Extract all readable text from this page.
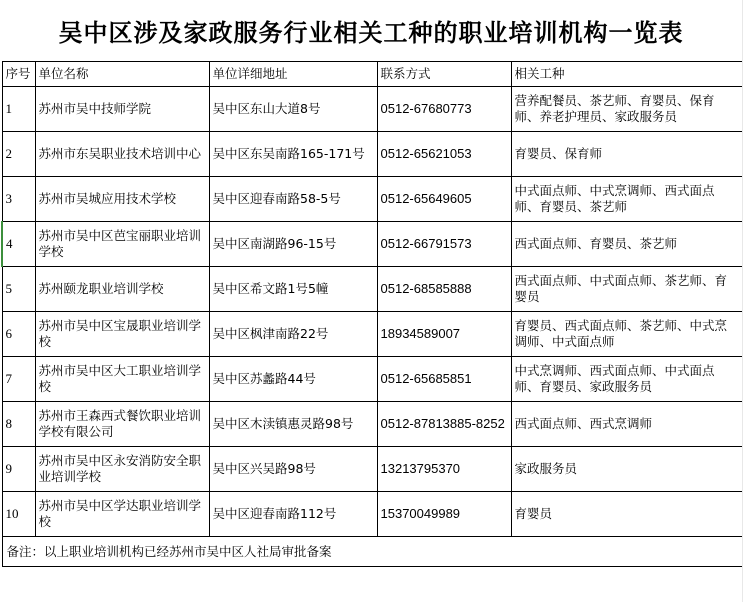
吴中区涉及家政服务行业相关工种的职业培训机构一览表
序号	单位名称	单位详细地址	联系方式	相关工种
1	苏州市吴中技师学院	吴中区东山大道8号	0512-67680773	营养配餐员、茶艺师、育婴员、保育师、养老护理员、家政服务员
2	苏州市东吴职业技术培训中心	吴中区东吴南路165-171号	0512-65621053	育婴员、保育师
3	苏州市吴城应用技术学校	吴中区迎春南路58-5号	0512-65649605	中式面点师、中式烹调师、西式面点师、育婴员、茶艺师
4	苏州市吴中区芭宝丽职业培训学校	吴中区南湖路96-15号	0512-66791573	西式面点师、育婴员、茶艺师
5	苏州颐龙职业培训学校	吴中区希文路1号5幢	0512-68585888	西式面点师、中式面点师、茶艺师、育婴员
6	苏州市吴中区宝晟职业培训学校	吴中区枫津南路22号	18934589007	育婴员、西式面点师、茶艺师、中式烹调师、中式面点师
7	苏州市吴中区大工职业培训学校	吴中区苏蠡路44号	0512-65685851	中式烹调师、西式面点师、中式面点师、育婴员、家政服务员
8	苏州市王森西式餐饮职业培训学校有限公司	吴中区木渎镇惠灵路98号	0512-87813885-8252	西式面点师、西式烹调师
9	苏州市吴中区永安消防安全职业培训学校	吴中区兴吴路98号	13213795370	家政服务员
10	苏州市吴中区学达职业培训学校	吴中区迎春南路112号	15370049989	育婴员
备注：以上职业培训机构已经苏州市吴中区人社局审批备案				
